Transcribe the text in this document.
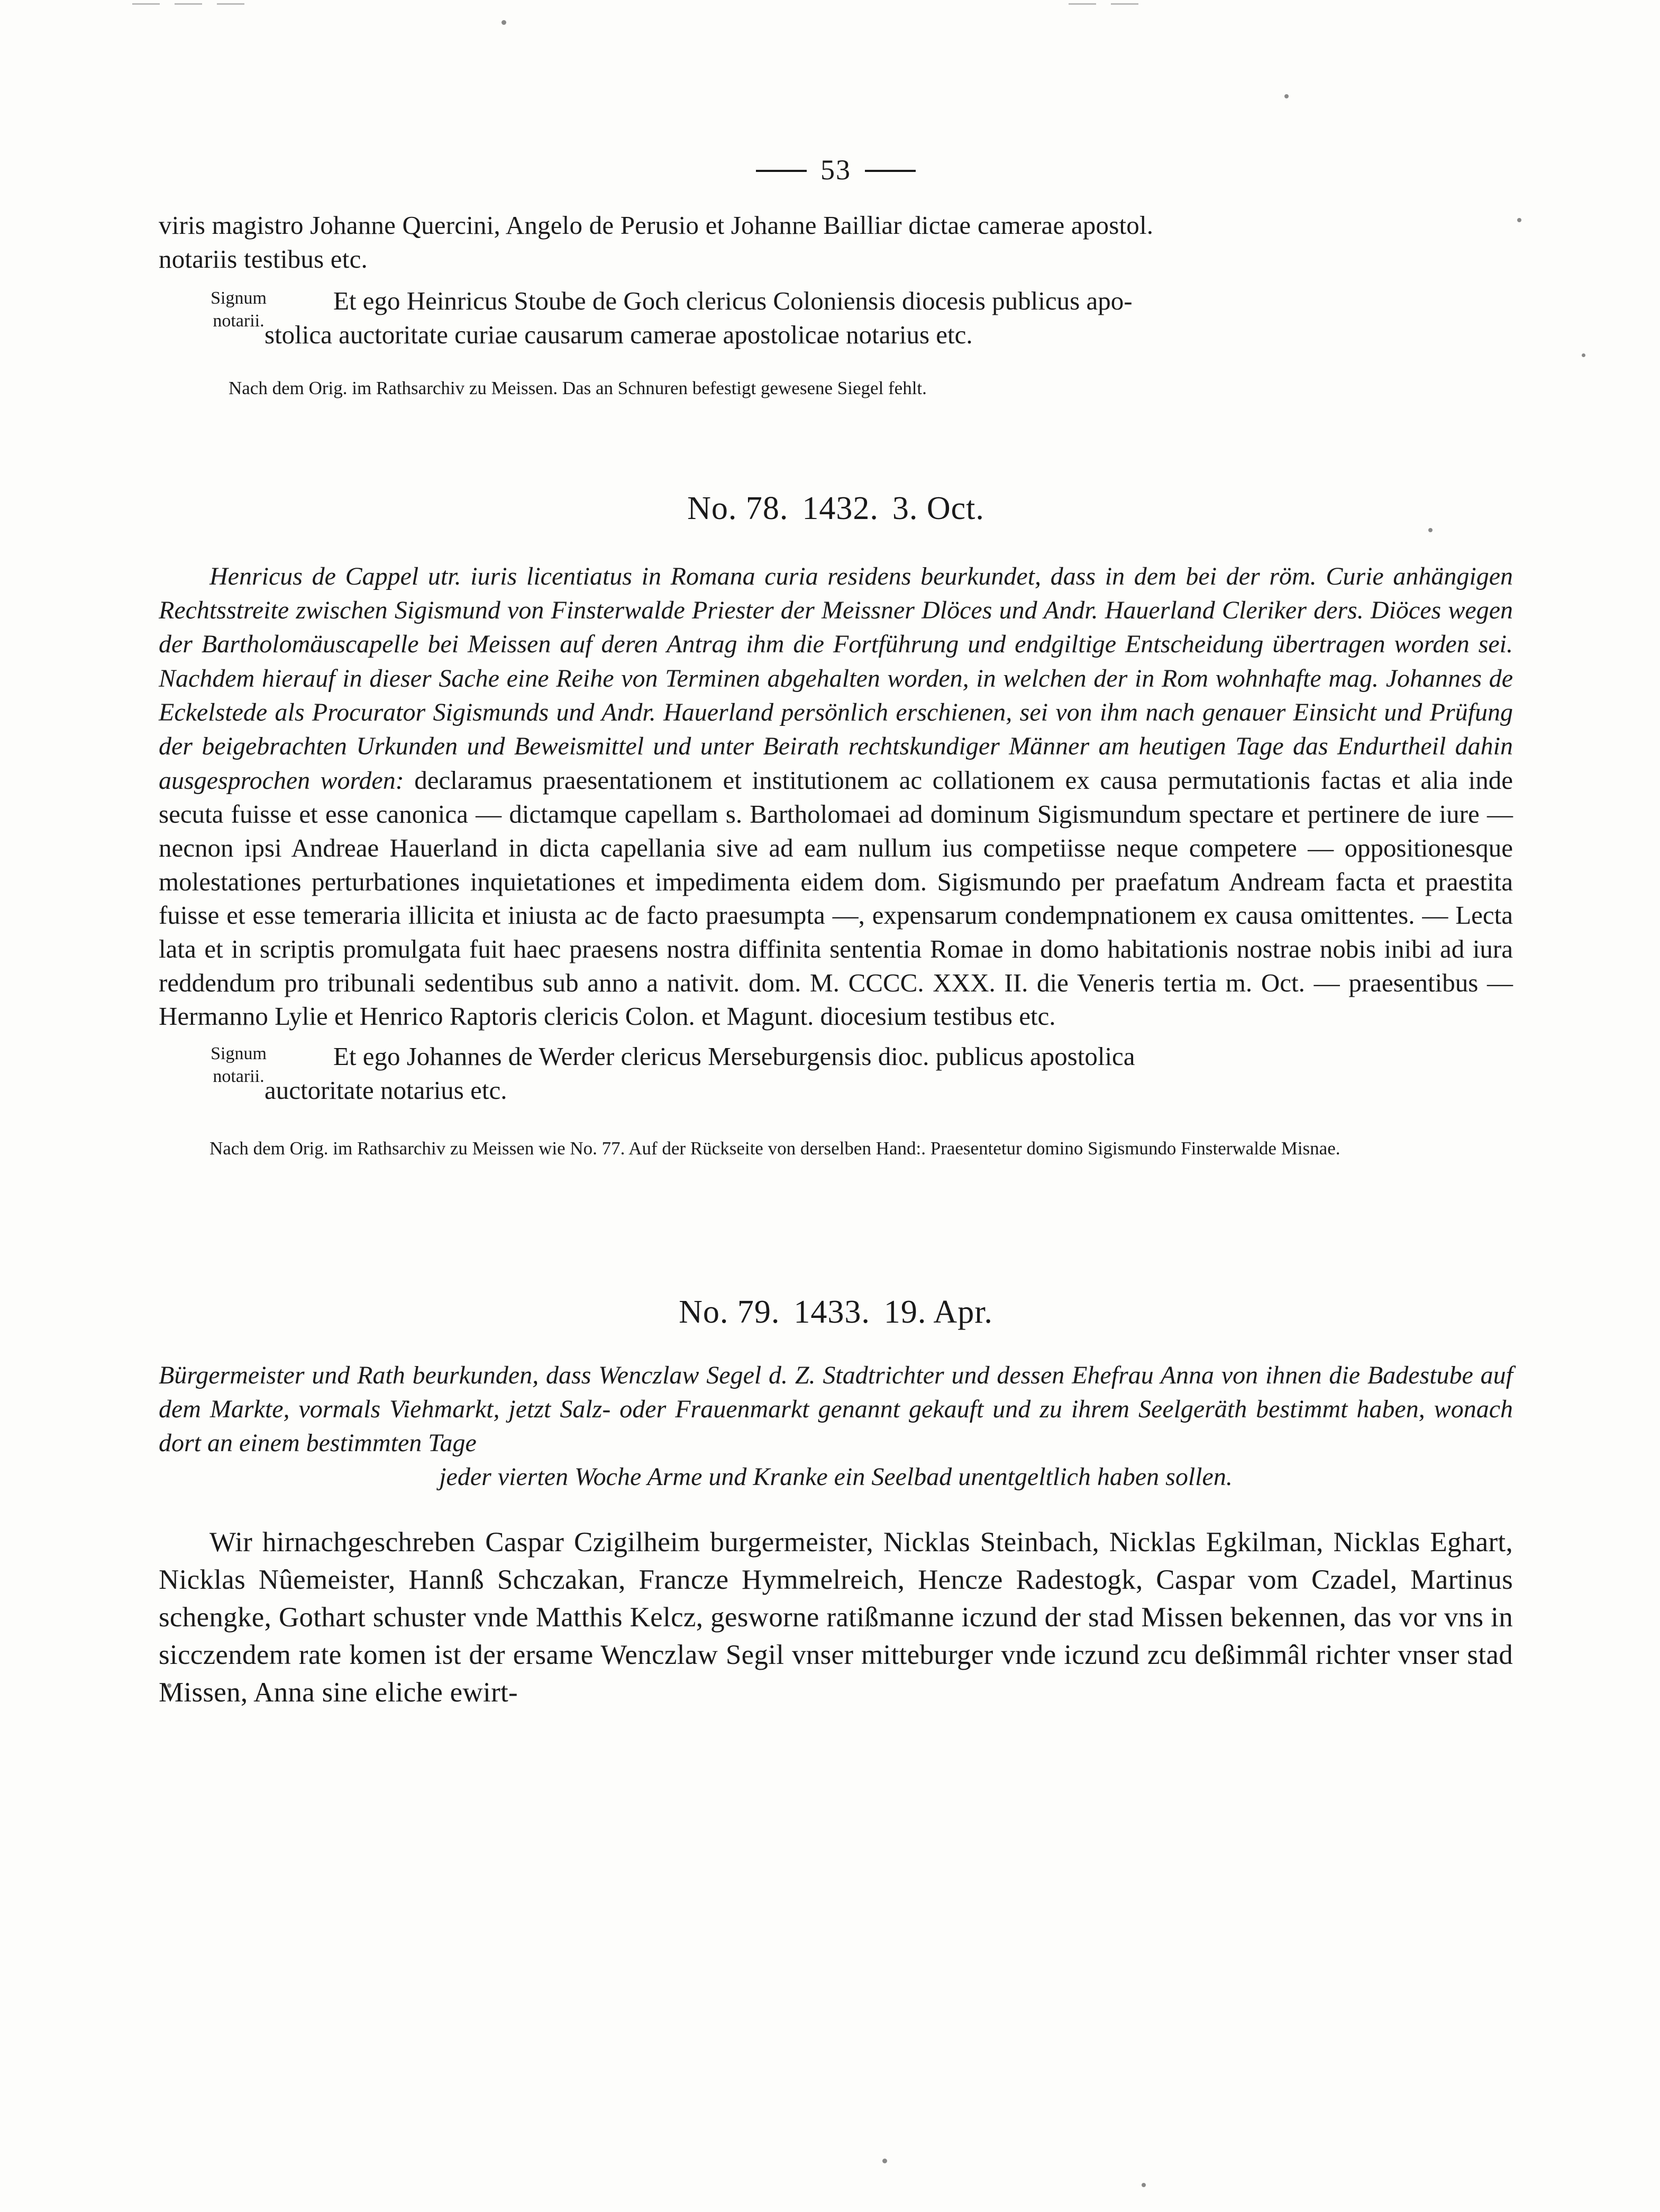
53
viris magistro Johanne Quercini, Angelo de Perusio et Johanne Bailliar dictae camerae apostol.
notariis testibus etc.
Signum
notarii.
Et ego Heinricus Stoube de Goch clericus Coloniensis diocesis publicus apo-
stolica auctoritate curiae causarum camerae apostolicae notarius etc.
Nach dem Orig. im Rathsarchiv zu Meissen. Das an Schnuren befestigt gewesene Siegel fehlt.
No. 78. 1432. 3. Oct.
Henricus de Cappel utr. iuris licentiatus in Romana curia residens beurkundet, dass in dem bei der röm. Curie anhängigen Rechtsstreite zwischen Sigismund von Finsterwalde Priester der Meissner Dlöces und Andr. Hauerland Cleriker ders. Diöces wegen der Bartholomäuscapelle bei Meissen auf deren Antrag ihm die Fortführung und endgiltige Entscheidung übertragen worden sei. Nachdem hierauf in dieser Sache eine Reihe von Terminen abgehalten worden, in welchen der in Rom wohnhafte mag. Johannes de Eckelstede als Procurator Sigismunds und Andr. Hauerland persönlich erschienen, sei von ihm nach genauer Einsicht und Prüfung der beigebrachten Urkunden und Beweismittel und unter Beirath rechtskundiger Männer am heutigen Tage das Endurtheil dahin ausgesprochen worden: declaramus praesentationem et institutionem ac collationem ex causa permutationis factas et alia inde secuta fuisse et esse canonica — dictamque capellam s. Bartholomaei ad dominum Sigismundum spectare et pertinere de iure — necnon ipsi Andreae Hauerland in dicta capellania sive ad eam nullum ius competiisse neque competere — oppositionesque molestationes perturbationes inquietationes et impedimenta eidem dom. Sigismundo per praefatum Andream facta et praestita fuisse et esse temeraria illicita et iniusta ac de facto praesumpta —, expensarum condempnationem ex causa omittentes. — Lecta lata et in scriptis promulgata fuit haec praesens nostra diffinita sententia Romae in domo habitationis nostrae nobis inibi ad iura reddendum pro tribunali sedentibus sub anno a nativit. dom. M. CCCC. XXX. II. die Veneris tertia m. Oct. — praesentibus — Hermanno Lylie et Henrico Raptoris clericis Colon. et Magunt. diocesium testibus etc.
Signum
notarii.
Et ego Johannes de Werder clericus Merseburgensis dioc. publicus apostolica
auctoritate notarius etc.
Nach dem Orig. im Rathsarchiv zu Meissen wie No. 77. Auf der Rückseite von derselben Hand:. Praesentetur domino Sigismundo Finsterwalde Misnae.
No. 79. 1433. 19. Apr.
Bürgermeister und Rath beurkunden, dass Wenczlaw Segel d. Z. Stadtrichter und dessen Ehefrau Anna von ihnen die Badestube auf dem Markte, vormals Viehmarkt, jetzt Salz- oder Frauenmarkt genannt gekauft und zu ihrem Seelgeräth bestimmt haben, wonach dort an einem bestimmten Tage
jeder vierten Woche Arme und Kranke ein Seelbad unentgeltlich haben sollen.
Wir hirnachgeschreben Caspar Czigilheim burgermeister, Nicklas Steinbach, Nicklas Egkilman, Nicklas Eghart, Nicklas Nûemeister, Hannß Schczakan, Francze Hymmelreich, Hencze Radestogk, Caspar vom Czadel, Martinus schengke, Gothart schuster vnde Matthis Kelcz, gesworne ratißmanne iczund der stad Missen bekennen, das vor vns in sicczendem rate komen ist der ersame Wenczlaw Segil vnser mitteburger vnde iczund zcu deßimmâl richter vnser stad Missen, Anna sine eliche ewirt-
